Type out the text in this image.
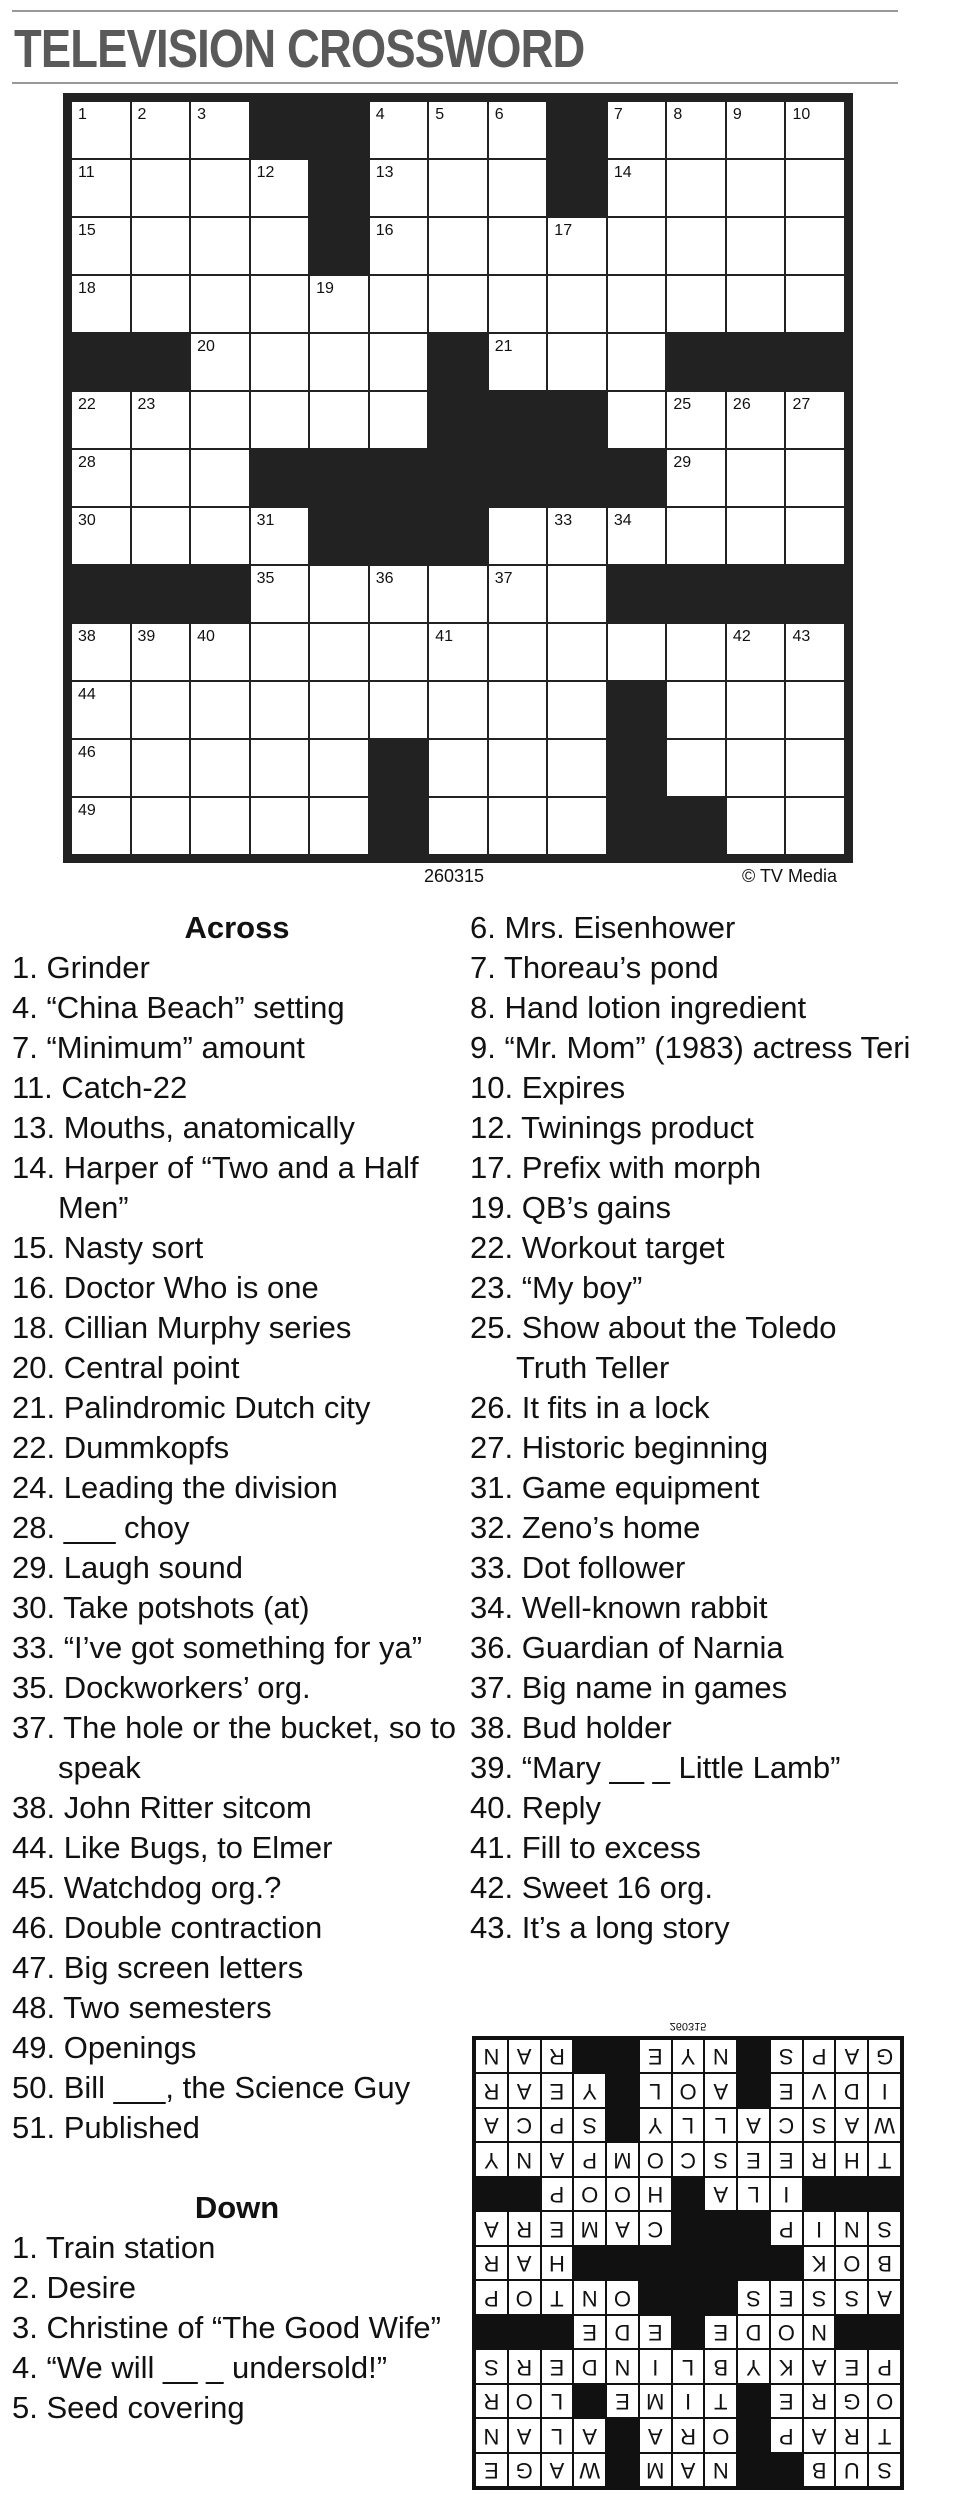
TELEVISION CROSSWORD
1	2	3	4	5	6	7	8	9	10
11	12	13	14
15	16	17
18	19
20	21
22	23	25	26	27
28	29
30	31	33	34
35	36	37
38	39	40	41	42	43
44
46
49
260315	© TV Media

Across

1. Grinder
4. “China Beach” setting
7. “Minimum” amount
11. Catch-22
13. Mouths, anatomically
14. Harper of “Two and a Half Men”
15. Nasty sort
16. Doctor Who is one
18. Cillian Murphy series
20. Central point
21. Palindromic Dutch city
22. Dummkopfs
24. Leading the division
28. ___ choy
29. Laugh sound
30. Take potshots (at)
33. “I’ve got something for ya”
35. Dockworkers’ org.
37. The hole or the bucket, so to speak
38. John Ritter sitcom
44. Like Bugs, to Elmer
45. Watchdog org.?
46. Double contraction
47. Big screen letters
48. Two semesters
49. Openings
50. Bill ___, the Science Guy
51. Published

Down

1. Train station
2. Desire
3. Christine of “The Good Wife”
4. “We will __ _ undersold!”
5. Seed covering
6. Mrs. Eisenhower
7. Thoreau’s pond
8. Hand lotion ingredient
9. “Mr. Mom” (1983) actress Teri
10. Expires
12. Twinings product
17. Prefix with morph
19. QB’s gains
22. Workout target
23. “My boy”
25. Show about the Toledo Truth Teller
26. It fits in a lock
27. Historic beginning
31. Game equipment
32. Zeno’s home
33. Dot follower
34. Well-known rabbit
36. Guardian of Narnia
37. Big name in games
38. Bud holder
39. “Mary __ _ Little Lamb”
40. Reply
41. Fill to excess
42. Sweet 16 org.
43. It’s a long story
260315
S
U
B
N
A
M
W
A
G
E
T
R
A
P
O
R
A
A
L
A
N
O
G
R
E
T
I
M
E
L
O
R
P
E
A
K
Y
B
L
I
N
D
E
R
S
N
O
D
E
E
D
E
A
S
S
E
S
O
N
T
O
P
B
O
K
H
A
R
S
N
I
P
C
A
M
E
R
A
I
L
A
H
O
O
P
T
H
R
E
E
S
C
O
M
P
A
N
Y
W
A
S
C
A
L
L
Y
S
P
C
A
I
D
V
E
A
O
L
Y
E
A
R
G
A
P
S
N
Y
E
R
A
N
